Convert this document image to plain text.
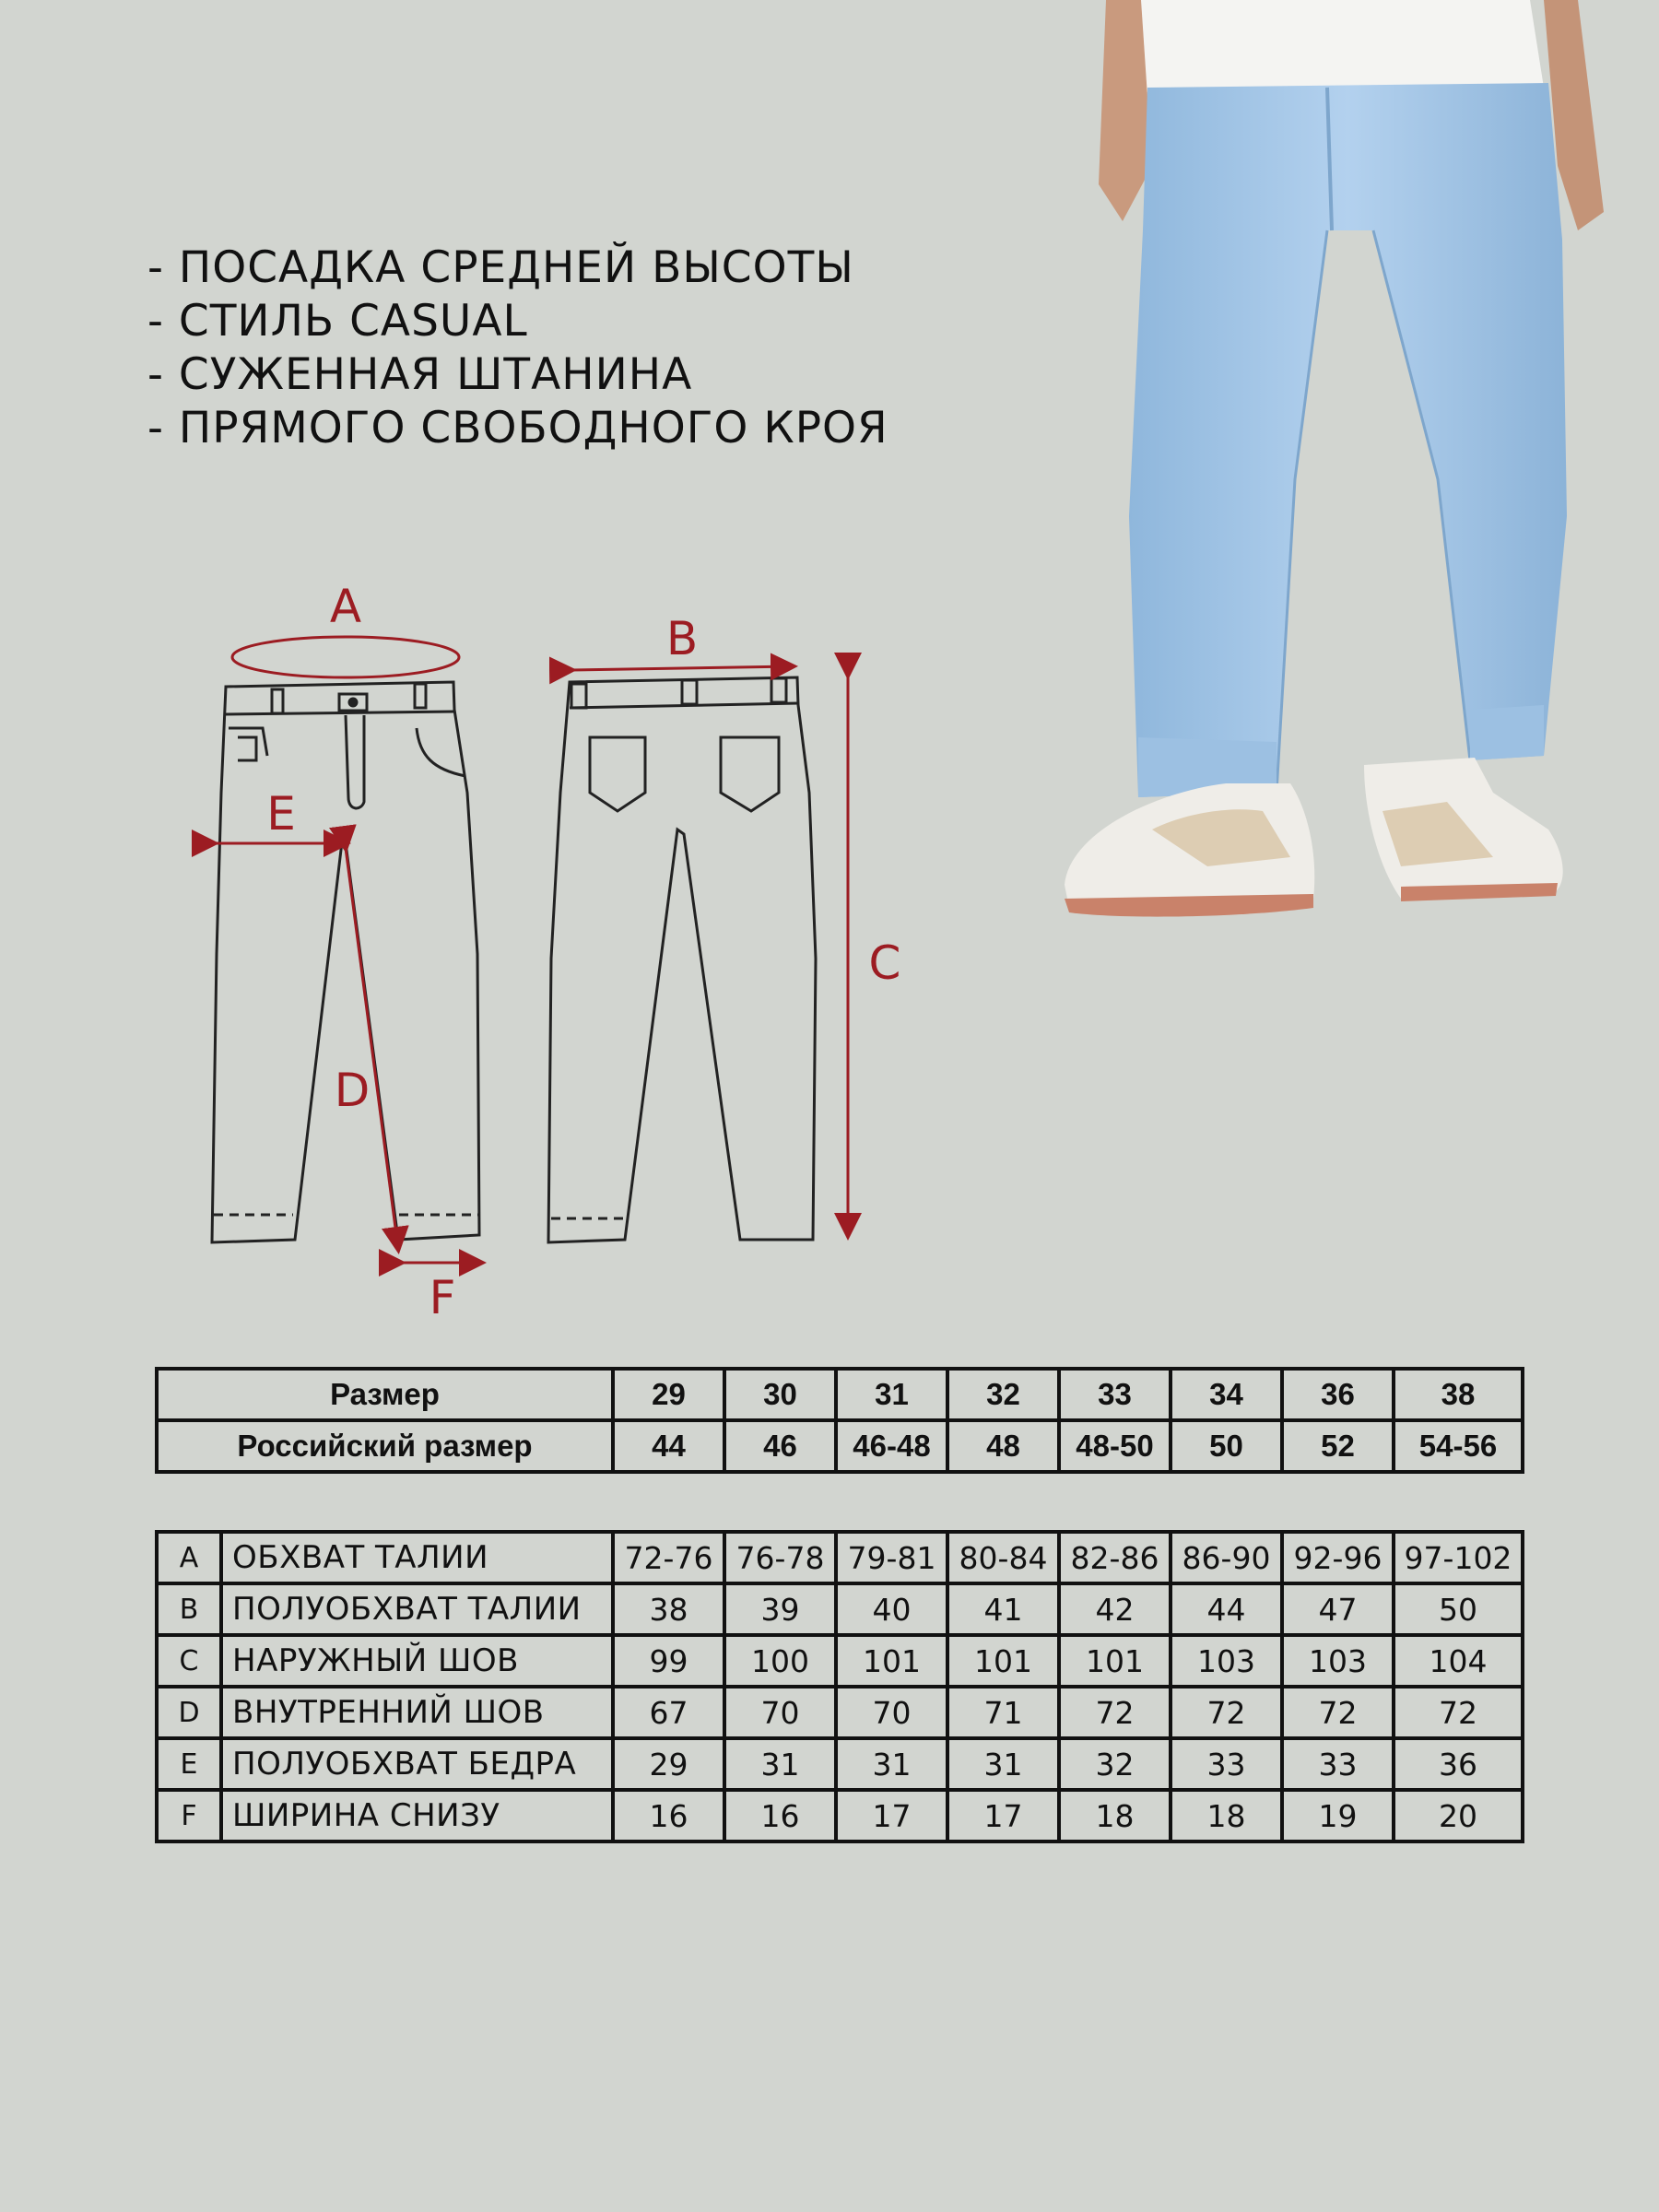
- ПОСАДКА СРЕДНЕЙ ВЫСОТЫ
- СТИЛЬ CASUAL
- СУЖЕННАЯ ШТАНИНА
- ПРЯМОГО СВОБОДНОГО КРОЯ
A
B
C
D
E
F
Размер	29	30	31	32	33	34	36	38
Российский размер	44	46	46-48	48	48-50	50	52	54-56
A	ОБХВАТ ТАЛИИ	72-76	76-78	79-81	80-84	82-86	86-90	92-96	97-102
B	ПОЛУОБХВАТ ТАЛИИ	38	39	40	41	42	44	47	50
C	НАРУЖНЫЙ ШОВ	99	100	101	101	101	103	103	104
D	ВНУТРЕННИЙ ШОВ	67	70	70	71	72	72	72	72
E	ПОЛУОБХВАТ БЕДРА	29	31	31	31	32	33	33	36
F	ШИРИНА СНИЗУ	16	16	17	17	18	18	19	20
